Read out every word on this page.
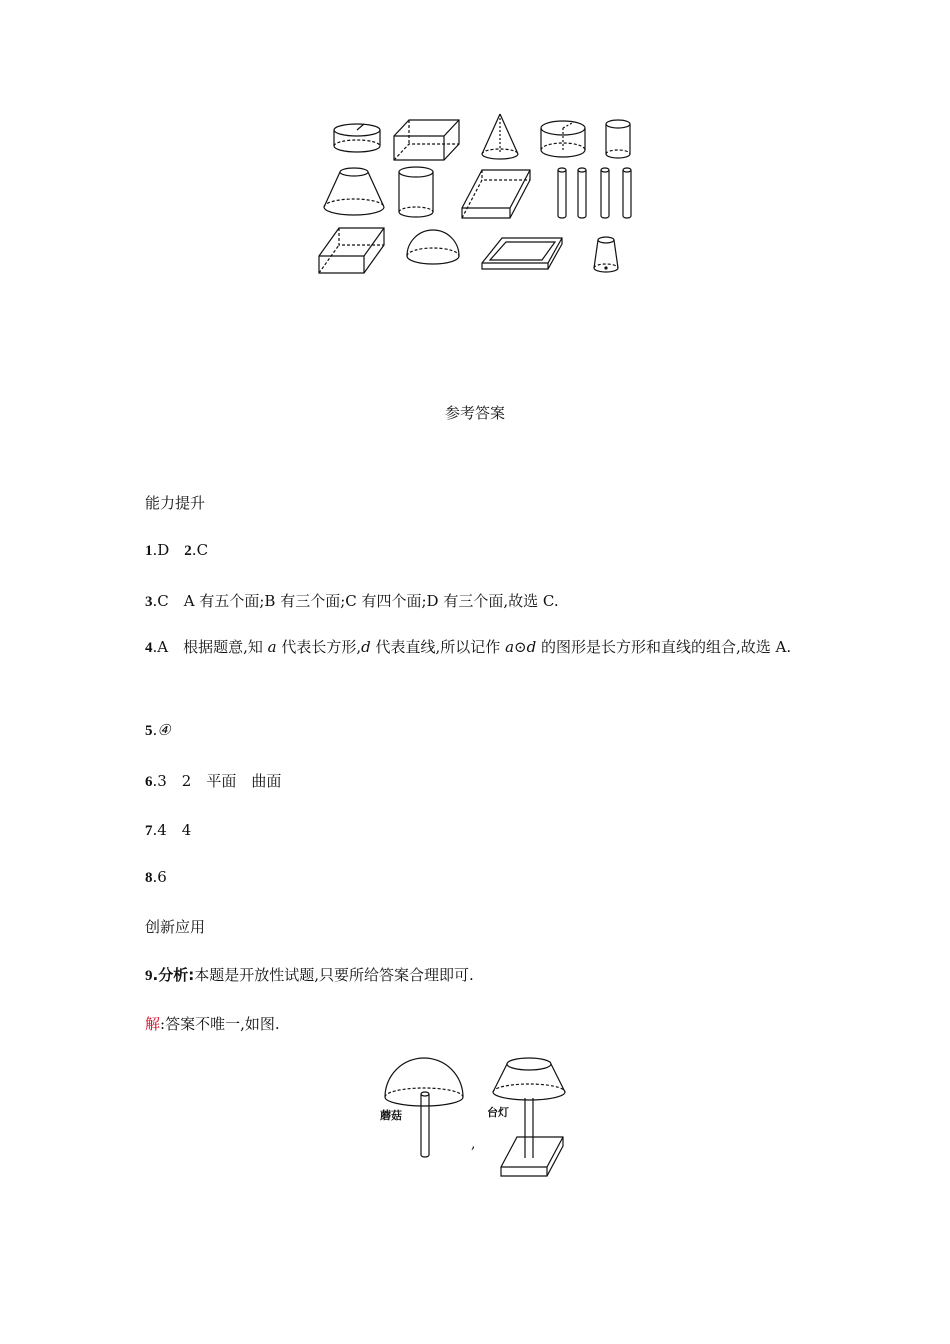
参考答案
能力提升
1.D  2.C
3.C　A 有五个面;B 有三个面;C 有四个面;D 有三个面,故选 C.
4.A　根据题意,知 a 代表长方形,d 代表直线,所以记作 a⊙d 的图形是长方形和直线的组合,故选 A.
5.④
6.3　2　平面　曲面
7.4　4
8.6
创新应用
9.分析:本题是开放性试题,只要所给答案合理即可.
解:答案不唯一,如图.
蘑菇	台灯
,
